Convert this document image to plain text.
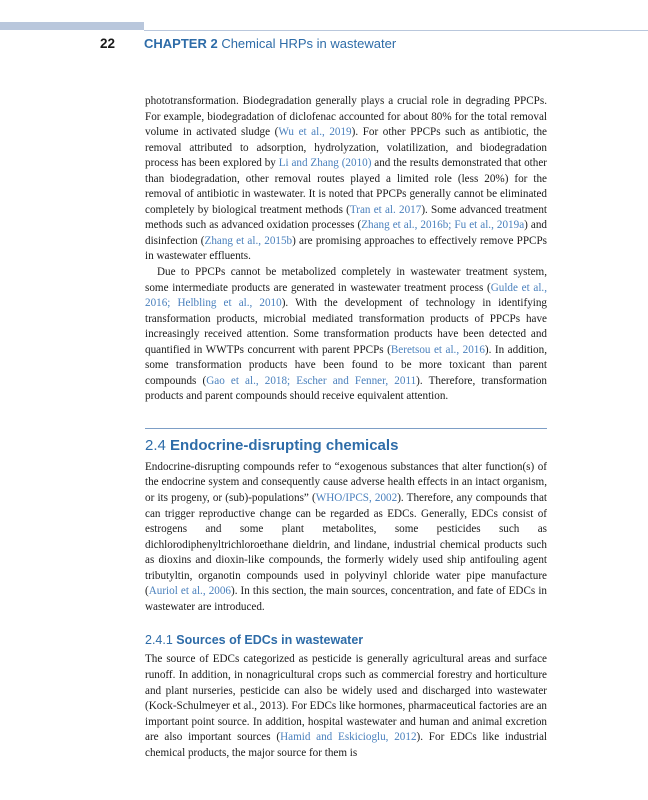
22 CHAPTER 2 Chemical HRPs in wastewater

phototransformation. Biodegradation generally plays a crucial role in degrading PPCPs. For example, biodegradation of diclofenac accounted for about 80% for the total removal volume in activated sludge (Wu et al., 2019). For other PPCPs such as antibiotic, the removal attributed to adsorption, hydrolyzation, volatilization, and biodegradation process has been explored by Li and Zhang (2010) and the results demonstrated that other than biodegradation, other removal routes played a limited role (less 20%) for the removal of antibiotic in wastewater. It is noted that PPCPs generally cannot be eliminated completely by biological treatment methods (Tran et al. 2017). Some advanced treatment methods such as advanced oxidation processes (Zhang et al., 2016b; Fu et al., 2019a) and disinfection (Zhang et al., 2015b) are promising approaches to effectively remove PPCPs in wastewater effluents.

Due to PPCPs cannot be metabolized completely in wastewater treatment system, some intermediate products are generated in wastewater treatment process (Gulde et al., 2016; Helbling et al., 2010). With the development of technology in identifying transformation products, microbial mediated transformation products of PPCPs have increasingly received attention. Some transformation products have been detected and quantified in WWTPs concurrent with parent PPCPs (Beretsou et al., 2016). In addition, some transformation products have been found to be more toxicant than parent compounds (Gao et al., 2018; Escher and Fenner, 2011). Therefore, transformation products and parent compounds should receive equivalent attention.

2.4 Endocrine-disrupting chemicals

Endocrine-disrupting compounds refer to “exogenous substances that alter function(s) of the endocrine system and consequently cause adverse health effects in an intact organism, or its progeny, or (sub)-populations” (WHO/IPCS, 2002). Therefore, any compounds that can trigger reproductive change can be regarded as EDCs. Generally, EDCs consist of estrogens and some plant metabolites, some pesticides such as dichlorodiphenyltrichloroethane dieldrin, and lindane, industrial chemical products such as dioxins and dioxin-like compounds, the formerly widely used ship antifouling agent tributyltin, organotin compounds used in polyvinyl chloride water pipe manufacture (Auriol et al., 2006). In this section, the main sources, concentration, and fate of EDCs in wastewater are introduced.

2.4.1 Sources of EDCs in wastewater

The source of EDCs categorized as pesticide is generally agricultural areas and surface runoff. In addition, in nonagricultural crops such as commercial forestry and horticulture and plant nurseries, pesticide can also be widely used and discharged into wastewater (Kock-Schulmeyer et al., 2013). For EDCs like hormones, pharmaceutical factories are an important point source. In addition, hospital wastewater and human and animal excretion are also important sources (Hamid and Eskicioglu, 2012). For EDCs like industrial chemical products, the major source for them is
